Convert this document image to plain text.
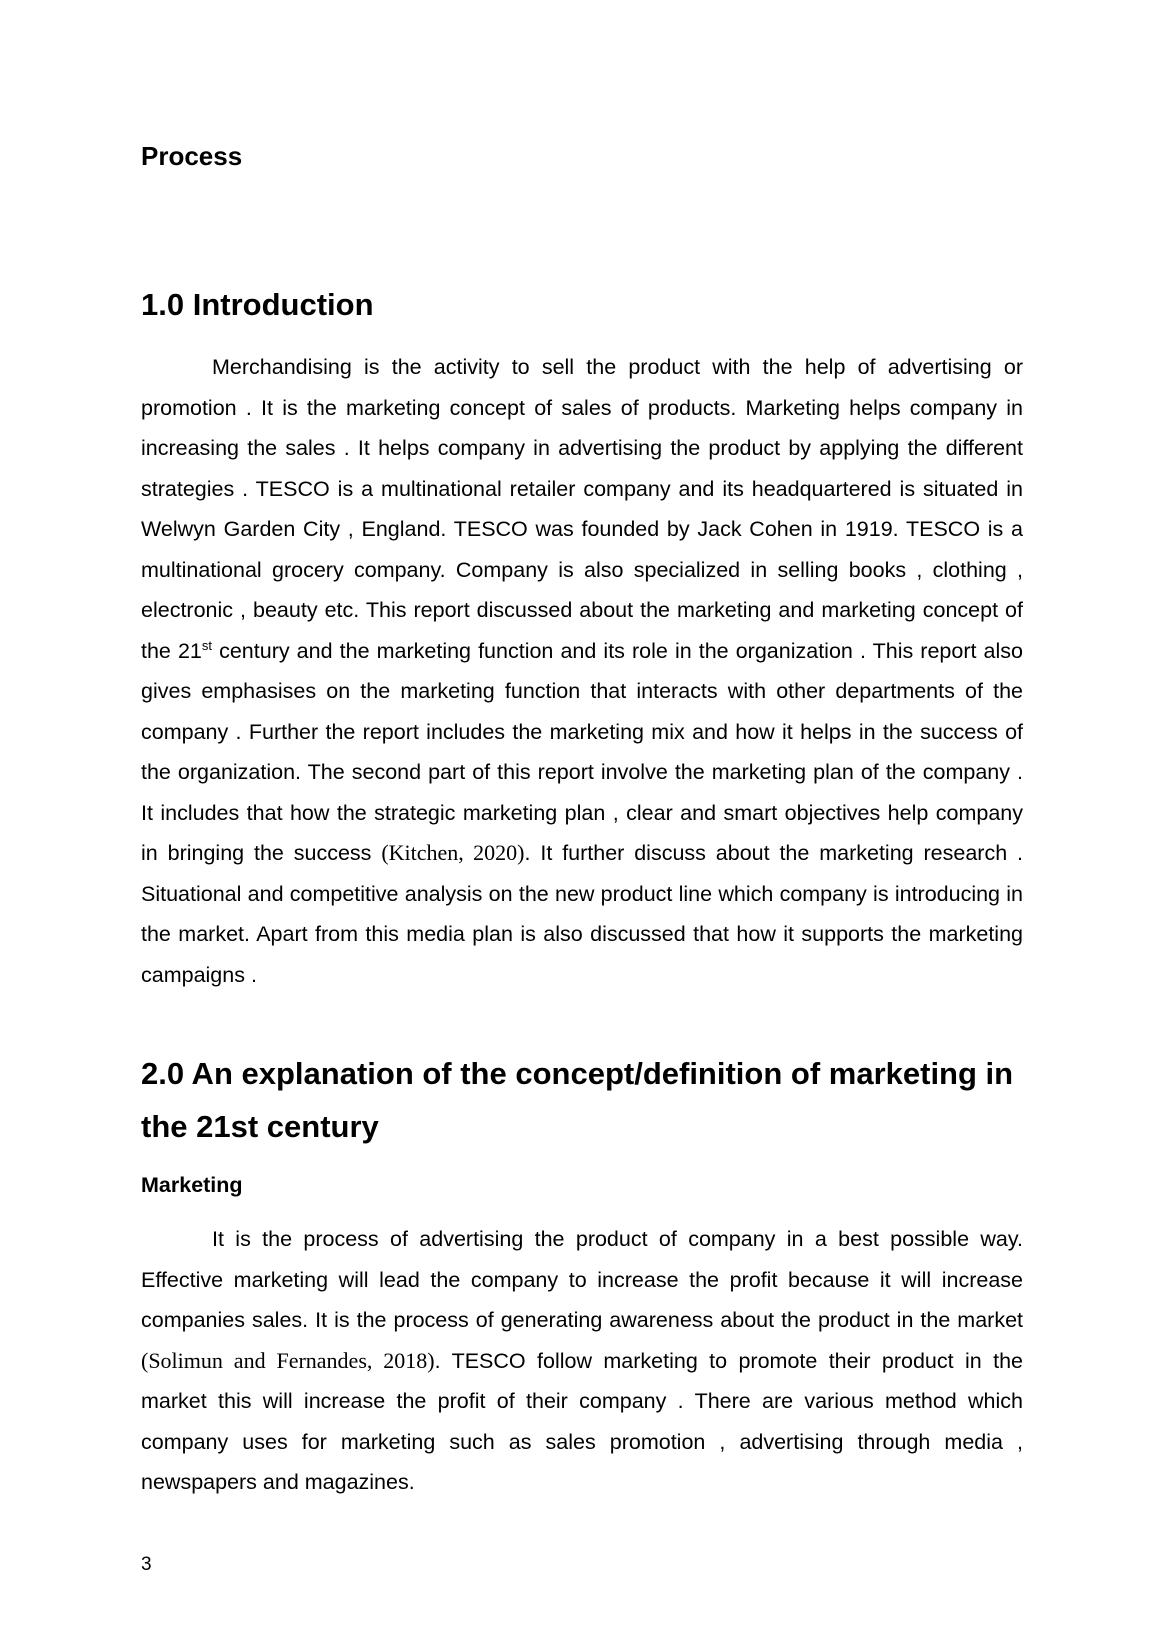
Process
1.0 Introduction

Merchandising is the activity to sell the product with the help of advertising or promotion . It is the marketing concept of sales of products. Marketing helps company in increasing the sales . It helps company in advertising the product by applying the different strategies . TESCO is a multinational retailer company and its headquartered is situated in Welwyn Garden City , England. TESCO was founded by Jack Cohen in 1919. TESCO is a multinational grocery company. Company is also specialized in selling books , clothing , electronic , beauty etc. This report discussed about the marketing and marketing concept of the 21st century and the marketing function and its role in the organization . This report also gives emphasises on the marketing function that interacts with other departments of the company . Further the report includes the marketing mix and how it helps in the success of the organization. The second part of this report involve the marketing plan of the company . It includes that how the strategic marketing plan , clear and smart objectives help company in bringing the success (Kitchen, 2020). It further discuss about the marketing research . Situational and competitive analysis on the new product line which company is introducing in the market. Apart from this media plan is also discussed that how it supports the marketing campaigns .

2.0 An explanation of the concept/definition of marketing in the 21st century
Marketing

It is the process of advertising the product of company in a best possible way. Effective marketing will lead the company to increase the profit because it will increase companies sales. It is the process of generating awareness about the product in the market (Solimun and Fernandes, 2018). TESCO follow marketing to promote their product in the market this will increase the profit of their company . There are various method which company uses for marketing such as sales promotion , advertising through media , newspapers and magazines.

3
